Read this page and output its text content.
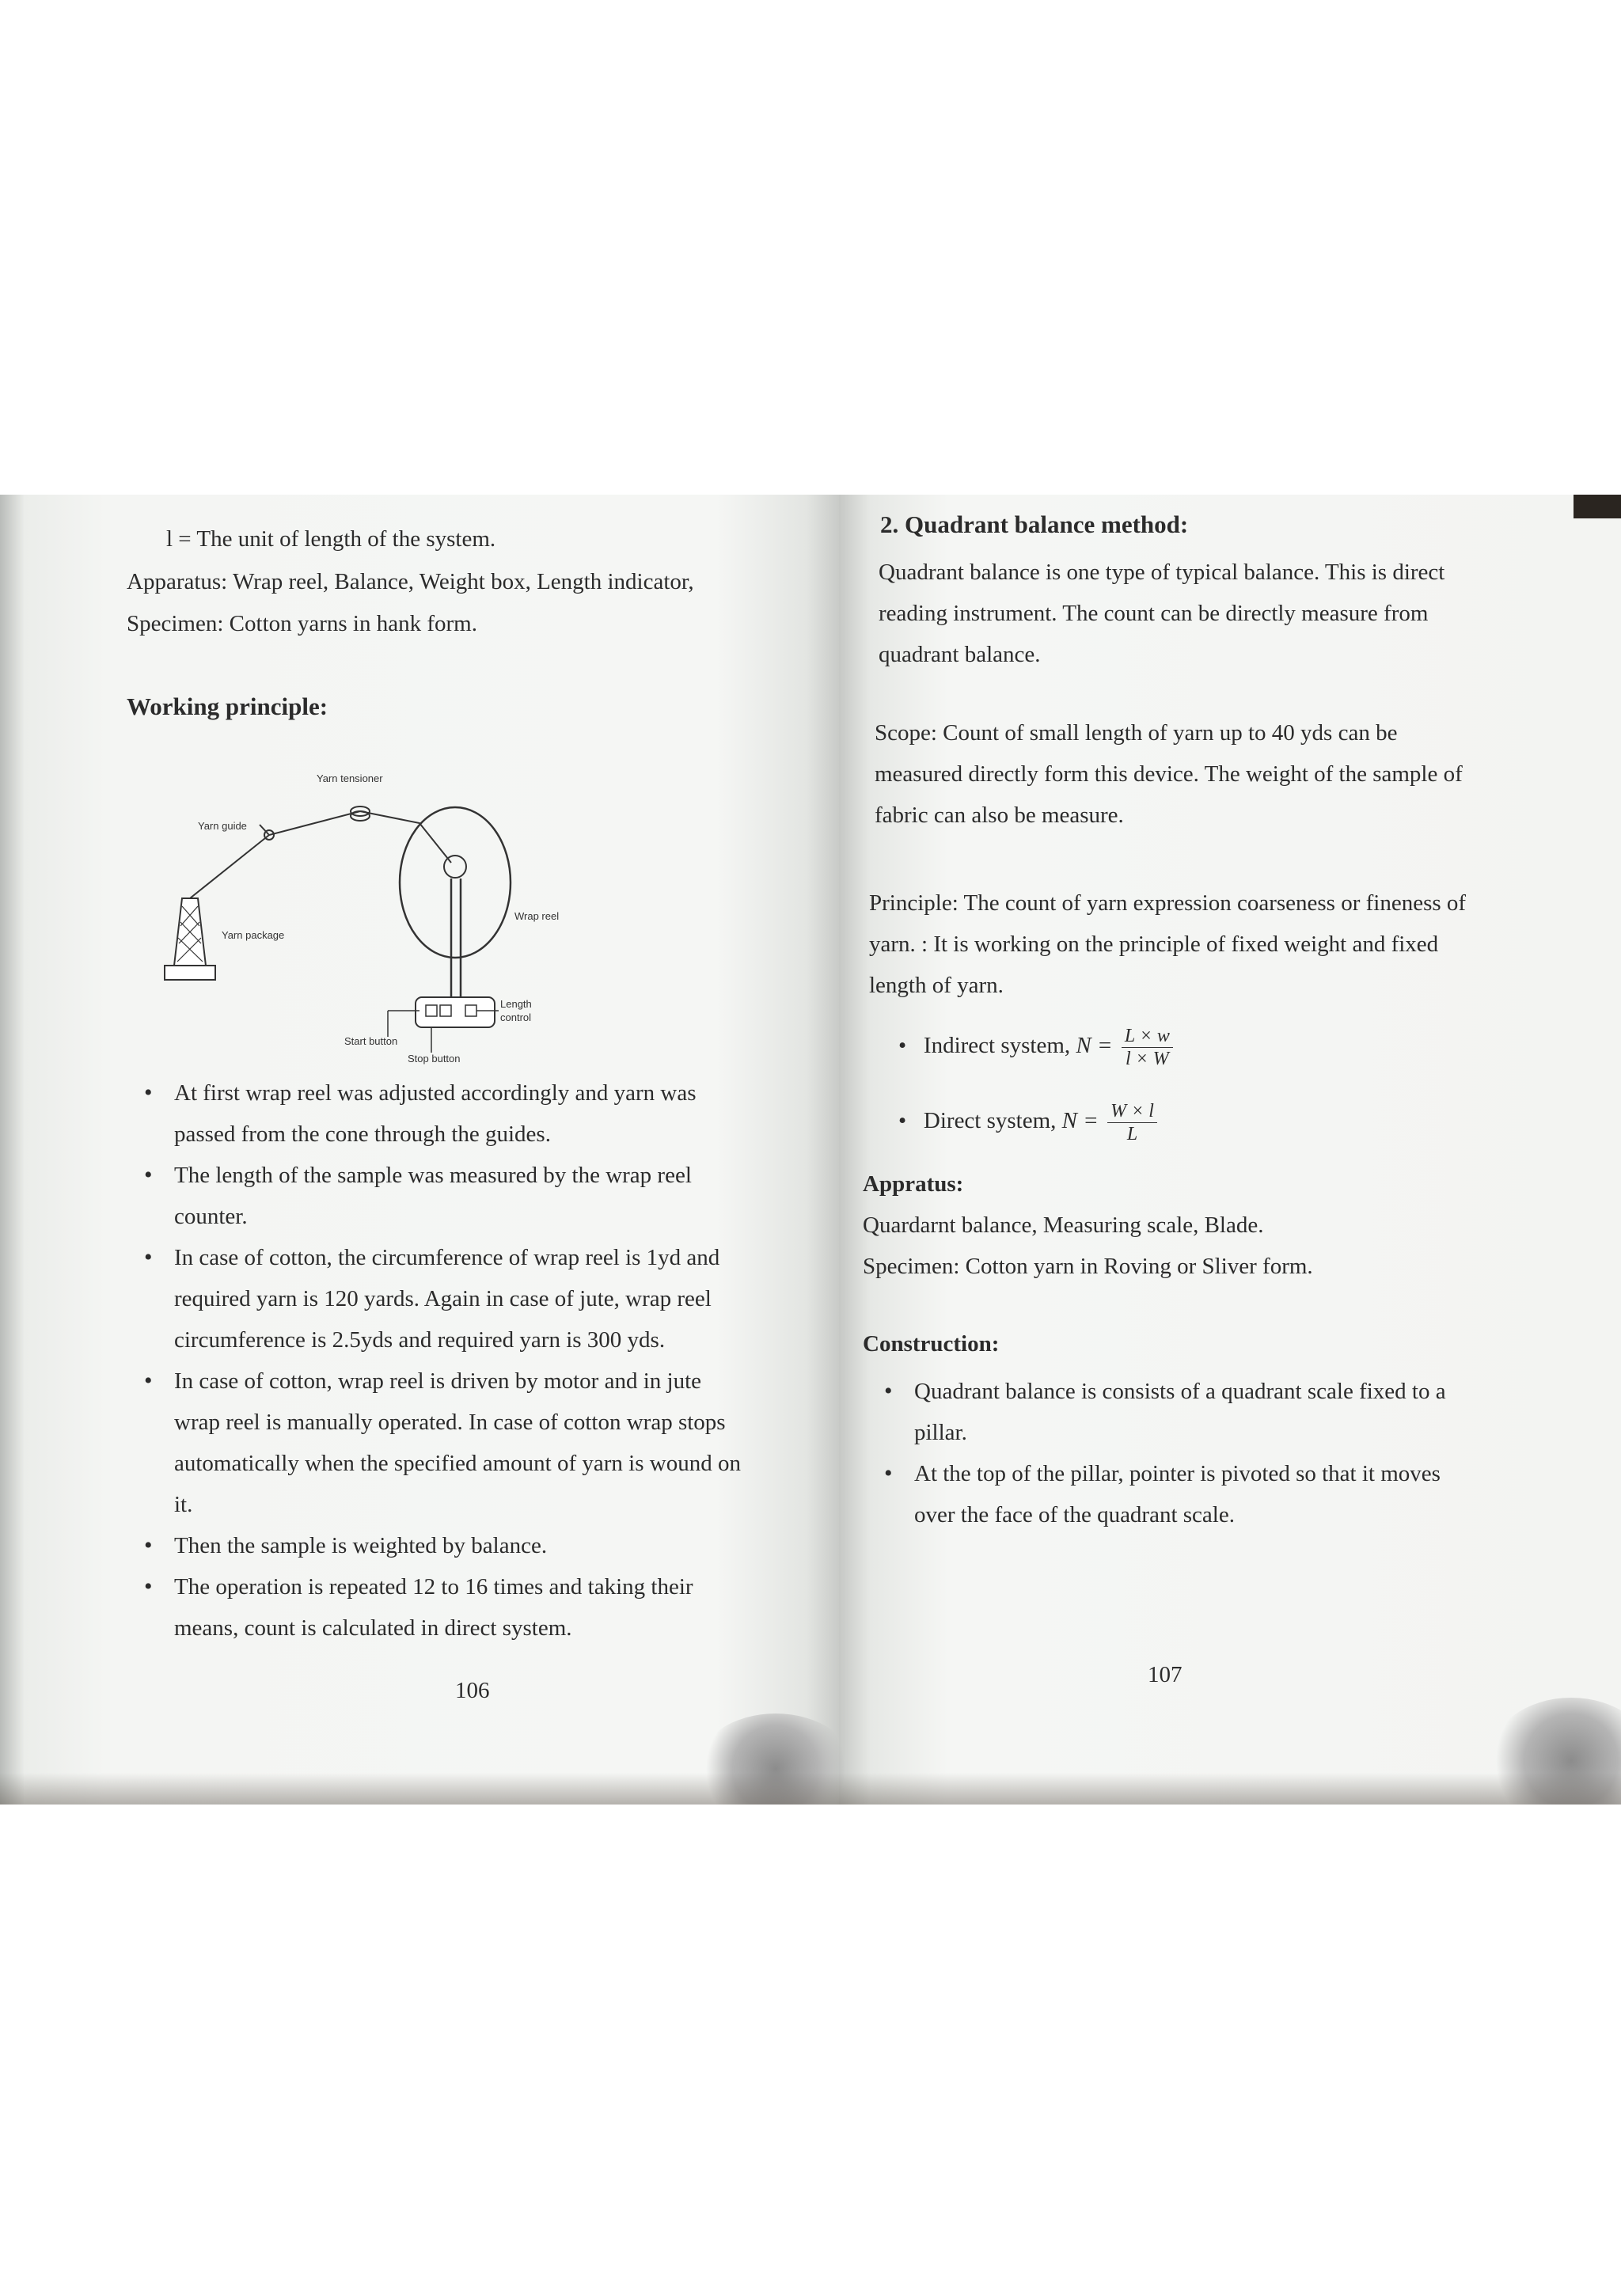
l = The unit of length of the system.
Apparatus: Wrap reel, Balance, Weight box, Length indicator,
Specimen: Cotton yarns in hank form.
Working principle:
Yarn tensioner
Yarn guide
Yarn package
Wrap reel
Length
control
Start button
Stop button
• At first wrap reel was adjusted accordingly and yarn was
passed from the cone through the guides.
• The length of the sample was measured by the wrap reel
counter.
• In case of cotton, the circumference of wrap reel is 1yd and
required yarn is 120 yards. Again in case of jute, wrap reel
circumference is 2.5yds and required yarn is 300 yds.
• In case of cotton, wrap reel is driven by motor and in jute
wrap reel is manually operated. In case of cotton wrap stops
automatically when the specified amount of yarn is wound on
it.
• Then the sample is weighted by balance.
• The operation is repeated 12 to 16 times and taking their
means, count is calculated in direct system.
106
2. Quadrant balance method:
Quadrant balance is one type of typical balance. This is direct
reading instrument. The count can be directly measure from
quadrant balance.
Scope: Count of small length of yarn up to 40 yds can be
measured directly form this device. The weight of the sample of
fabric can also be measure.
Principle: The count of yarn expression coarseness or fineness of
yarn. : It is working on the principle of fixed weight and fixed
length of yarn.
• Indirect system, $N = \frac{L \times w}{l \times W}$
• Direct system, $N = \frac{W \times l}{L}$
Appratus:
Quardarnt balance, Measuring scale, Blade.
Specimen: Cotton yarn in Roving or Sliver form.
Construction:
• Quadrant balance is consists of a quadrant scale fixed to a
pillar.
• At the top of the pillar, pointer is pivoted so that it moves
over the face of the quadrant scale.
107
